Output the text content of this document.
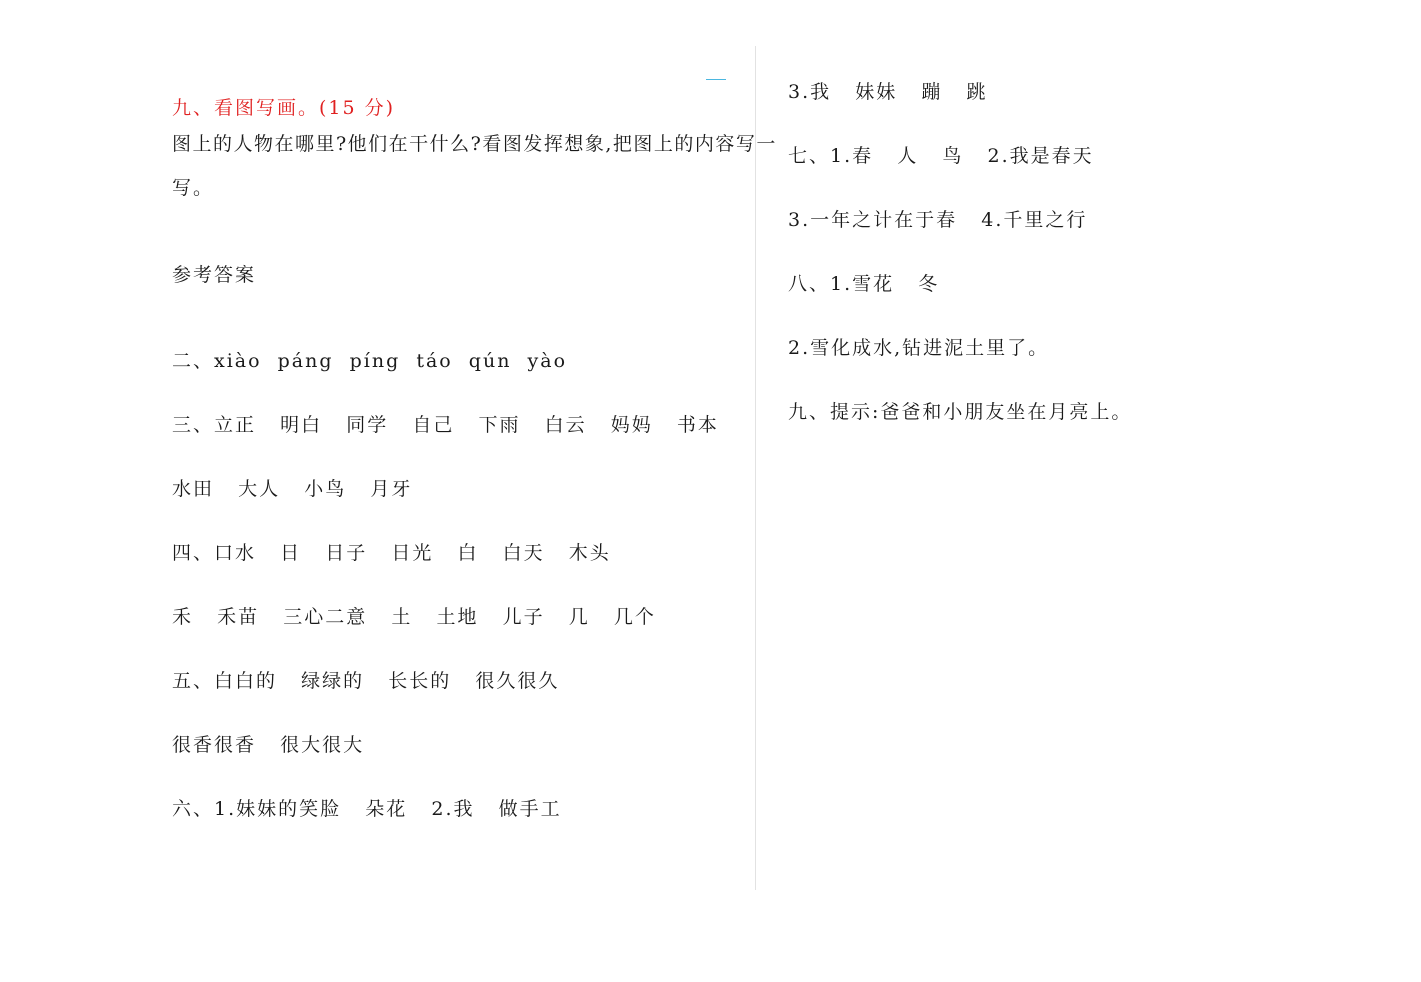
九、看图写画。(15 分)
图上的人物在哪里?他们在干什么?看图发挥想象,把图上的内容写一
写。
参考答案
二、xiào  páng  píng  táo  qún  yào
三、立正   明白   同学   自己   下雨   白云   妈妈   书本
水田   大人   小鸟   月牙
四、口水   日   日子   日光   白   白天   木头
禾   禾苗   三心二意   土   土地   儿子   几   几个
五、白白的   绿绿的   长长的   很久很久
很香很香   很大很大
六、1.妹妹的笑脸   朵花   2.我   做手工
3.我   妹妹   蹦   跳
七、1.春   人   鸟   2.我是春天
3.一年之计在于春   4.千里之行
八、1.雪花   冬
2.雪化成水,钻进泥土里了。
九、提示:爸爸和小朋友坐在月亮上。
